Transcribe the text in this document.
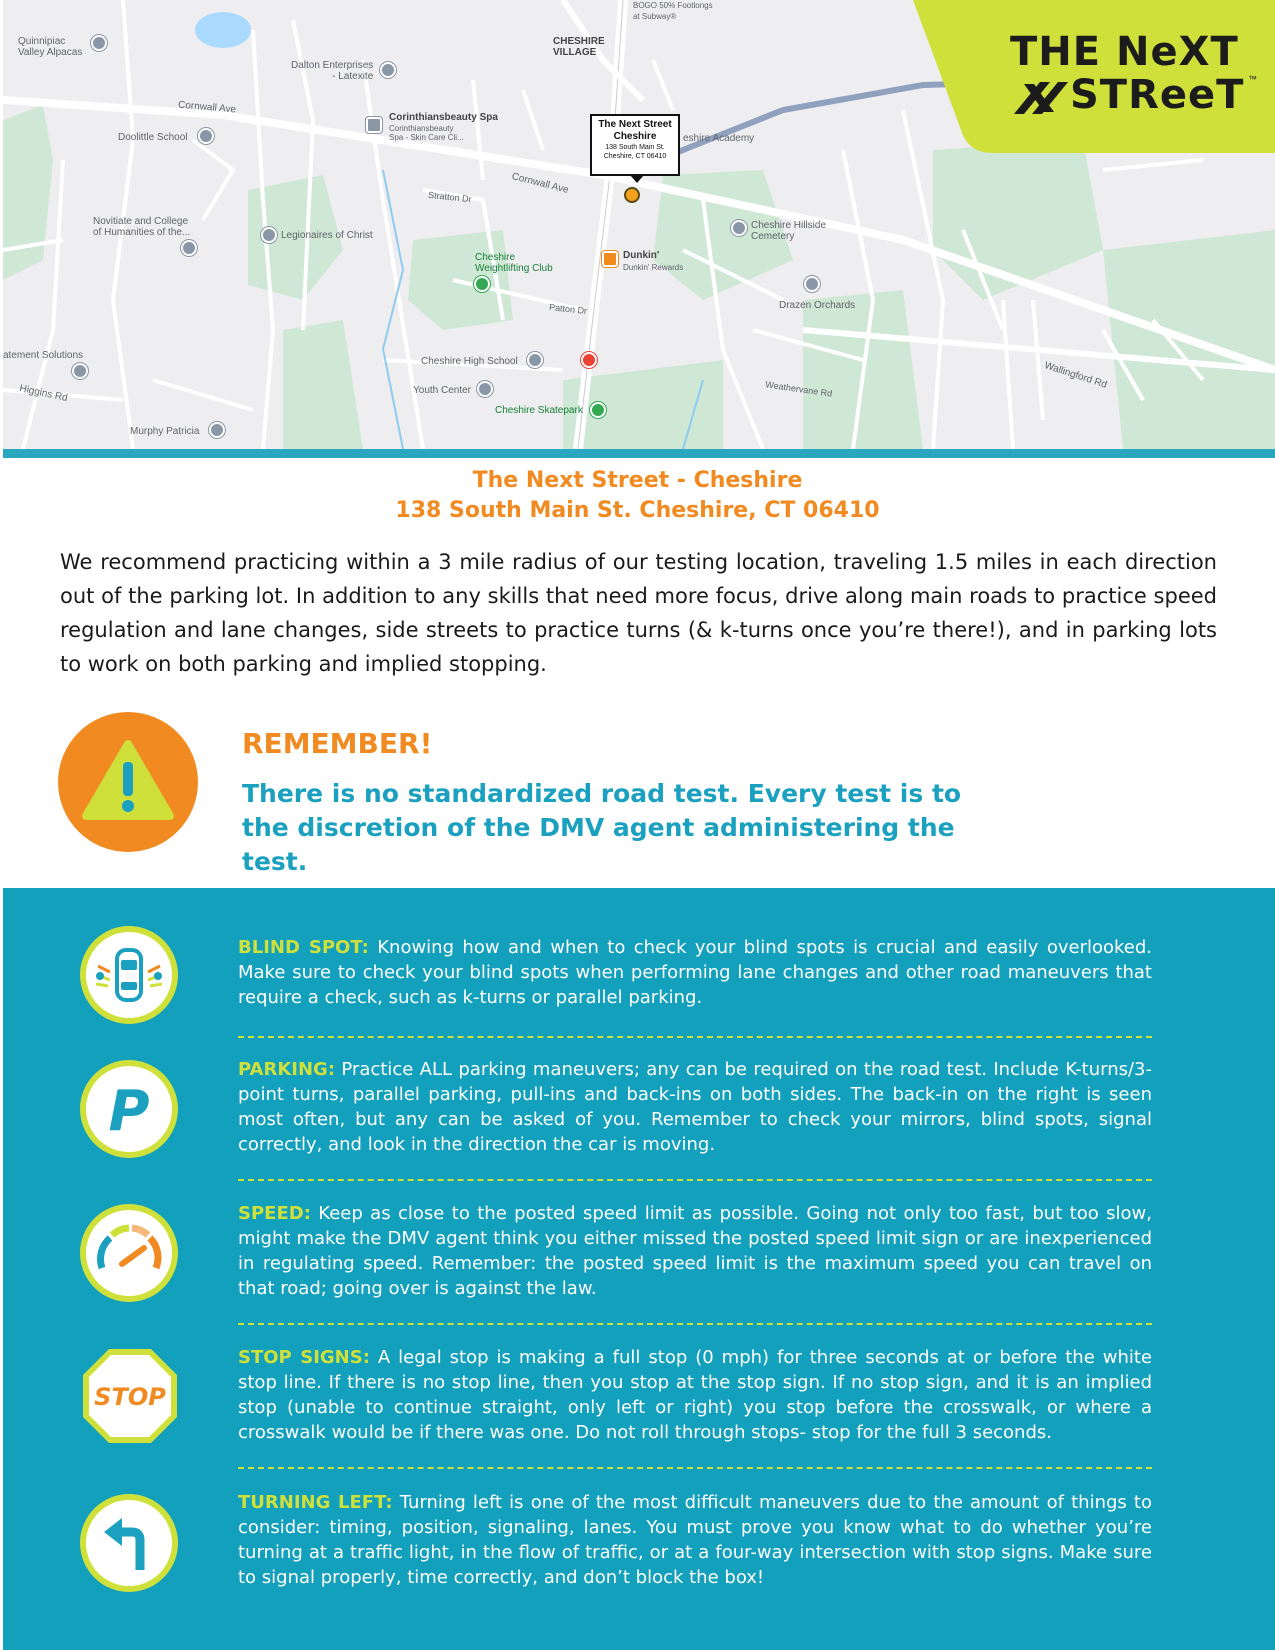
Quinnipiac
Valley Alpacas
Dalton Enterprises
- Latexite
CHESHIRE
VILLAGE
BOGO 50% Footlongs
at Subway®
Cornwall Ave
Corinthiansbeauty Spa
Corinthiansbeauty
Spa - Skin Care Cli...
Doolittle School	eshire Academy
Cornwall Ave
Stratton Dr
Novitiate and College
of Humanities of the...	Legionaires of Christ
Cheshire Hillside
Cemetery
Cheshire
Weightlifting Club
Dunkin'
Dunkin' Rewards
Drazen Orchards
Patton Dr
atement Solutions
Cheshire High School
Youth Center
Cheshire Skatepark
Higgins Rd
Murphy Patricia
Wallingford Rd
Weathervane Rd
The Next Street
Cheshire
138 South Main St.
Cheshire, CT 06410
THE NeXT
STReeT ™
The Next Street - Cheshire
138 South Main St. Cheshire, CT 06410
We recommend practicing within a 3 mile radius of our testing location, traveling 1.5 miles in each direction out of the parking lot. In addition to any skills that need more focus, drive along main roads to practice speed regulation and lane changes, side streets to practice turns (& k-turns once you’re there!), and in parking lots to work on both parking and implied stopping.
REMEMBER!
There is no standardized road test. Every test is to the discretion of the DMV agent administering the test.
BLIND SPOT: Knowing how and when to check your blind spots is crucial and easily overlooked. Make sure to check your blind spots when performing lane changes and other road maneuvers that require a check, such as k-turns or parallel parking.
P
PARKING: Practice ALL parking maneuvers; any can be required on the road test. Include K-turns/3-point turns, parallel parking, pull-ins and back-ins on both sides. The back-in on the right is seen most often, but any can be asked of you. Remember to check your mirrors, blind spots, signal correctly, and look in the direction the car is moving.
SPEED: Keep as close to the posted speed limit as possible. Going not only too fast, but too slow, might make the DMV agent think you either missed the posted speed limit sign or are inexperienced in regulating speed. Remember: the posted speed limit is the maximum speed you can travel on that road; going over is against the law.
STOP
STOP SIGNS: A legal stop is making a full stop (0 mph) for three seconds at or before the white stop line. If there is no stop line, then you stop at the stop sign. If no stop sign, and it is an implied stop (unable to continue straight, only left or right) you stop before the crosswalk, or where a crosswalk would be if there was one. Do not roll through stops- stop for the full 3 seconds.
TURNING LEFT: Turning left is one of the most difficult maneuvers due to the amount of things to consider: timing, position, signaling, lanes. You must prove you know what to do whether you’re turning at a traffic light, in the flow of traffic, or at a four-way intersection with stop signs. Make sure to signal properly, time correctly, and don’t block the box!
